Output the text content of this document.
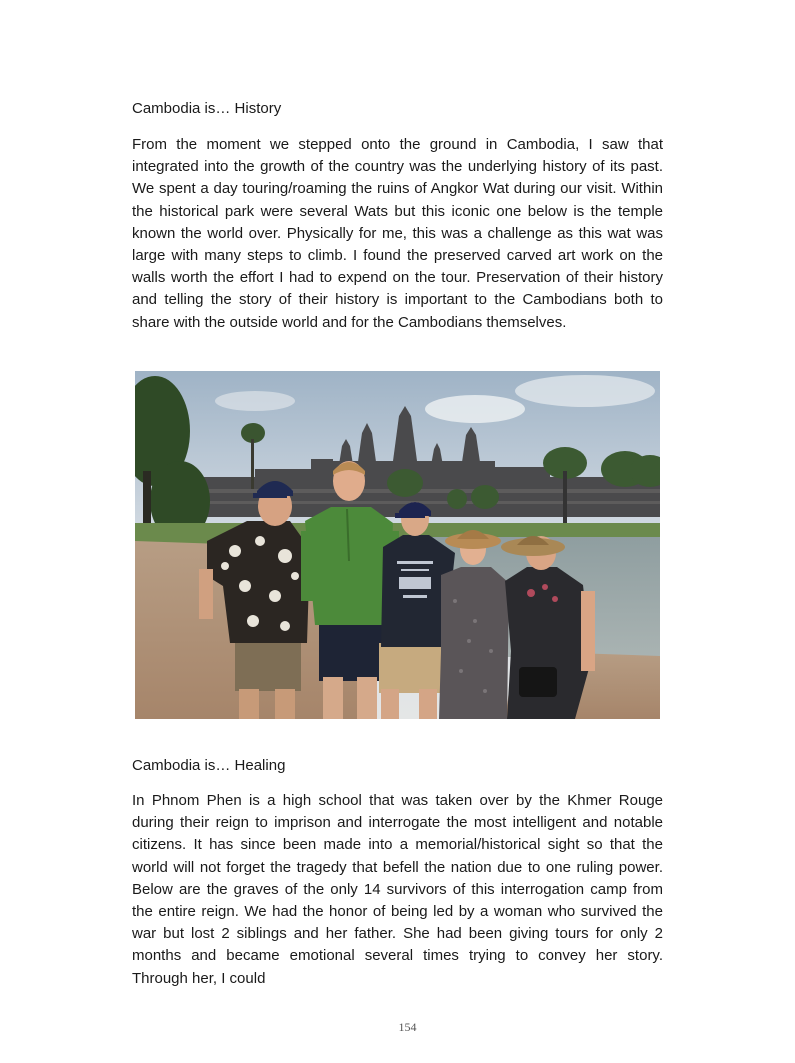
Cambodia is… History

From the moment we stepped onto the ground in Cambodia, I saw that integrated into the growth of the country was the underlying history of its past. We spent a day touring/roaming the ruins of Angkor Wat during our visit. Within the historical park were several Wats but this iconic one below is the temple known the world over. Physically for me, this was a challenge as this wat was large with many steps to climb. I found the preserved carved art work on the walls worth the effort I had to expend on the tour. Preservation of their history and telling the story of their history is important to the Cambodians both to share with the outside world and for the Cambodians themselves.

Cambodia is… Healing

In Phnom Phen is a high school that was taken over by the Khmer Rouge during their reign to imprison and interrogate the most intelligent and notable citizens. It has since been made into a memorial/historical sight so that the world will not forget the tragedy that befell the nation due to one ruling power. Below are the graves of the only 14 survivors of this interrogation camp from the entire reign. We had the honor of being led by a woman who survived the war but lost 2 siblings and her father. She had been giving tours for only 2 months and became emotional several times trying to convey her story. Through her, I could

154
